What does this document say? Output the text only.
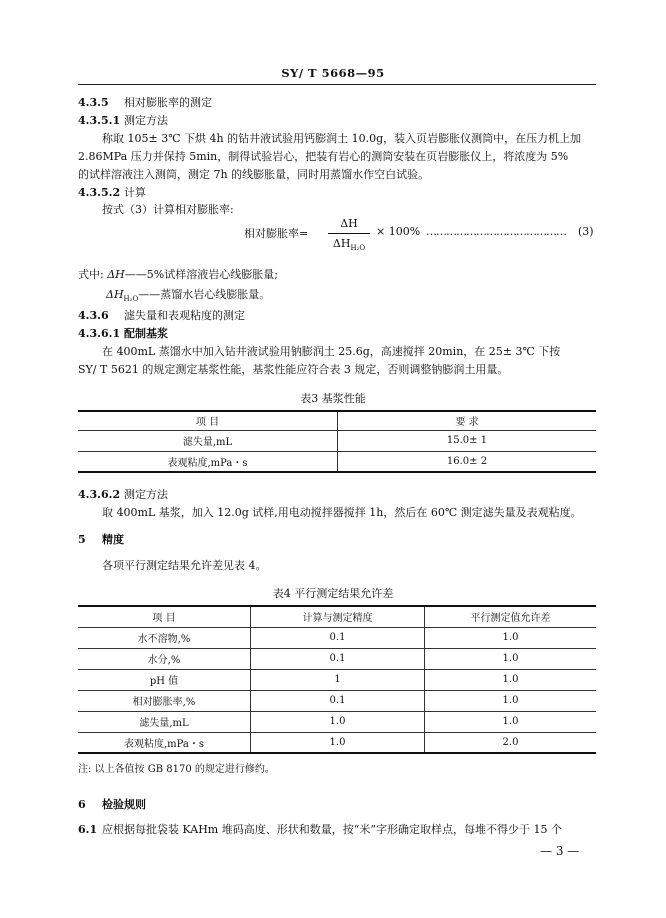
SY/ T 5668—95
4.3.5 相对膨胀率的测定
4.3.5.1 测定方法
称取 105± 3℃ 下烘 4h 的钻井液试验用钙膨润土 10.0g，装入页岩膨胀仪测筒中，在压力机上加
2.86MPa 压力并保持 5min，制得试验岩心，把装有岩心的测筒安装在页岩膨胀仪上，将浓度为 5%
的试样溶液注入测筒，测定 7h 的线膨胀量，同时用蒸馏水作空白试验。
4.3.5.2 计算
按式（3）计算相对膨胀率:
相对膨胀率=
ΔH
$\Delta H_{H_2O}$
× 100% …………………………………… (3)
式中: ΔH——5%试样溶液岩心线膨胀量;
$\Delta H_{H_2O}——$蒸馏水岩心线膨胀量。
4.3.6 滤失量和表观粘度的测定
4.3.6.1 配制基浆
在 400mL 蒸馏水中加入钻井液试验用钠膨润土 25.6g，高速搅拌 20min，在 25± 3℃ 下按
SY/ T 5621 的规定测定基浆性能，基浆性能应符合表 3 规定，否则调整钠膨润土用量。
表3 基浆性能
项 目	要 求
滤失量,mL	15.0± 1
表观粘度,mPa・s	16.0± 2
4.3.6.2 测定方法
取 400mL 基浆，加入 12.0g 试样,用电动搅拌器搅拌 1h，然后在 60℃ 测定滤失量及表观粘度。
5 精度
各项平行测定结果允许差见表 4。
表4 平行测定结果允许差
项 目	计算与测定精度	平行测定值允许差
水不溶物,%	0.1	1.0
水分,%	0.1	1.0
pH 值	1	1.0
相对膨胀率,%	0.1	1.0
滤失量,mL	1.0	1.0
表观粘度,mPa・s	1.0	2.0
注: 以上各值按 GB 8170 的规定进行修约。
6 检验规则
6.1 应根据每批袋装 KAHm 堆码高度、形状和数量，按“米”字形确定取样点，每堆不得少于 15 个
— 3 —
